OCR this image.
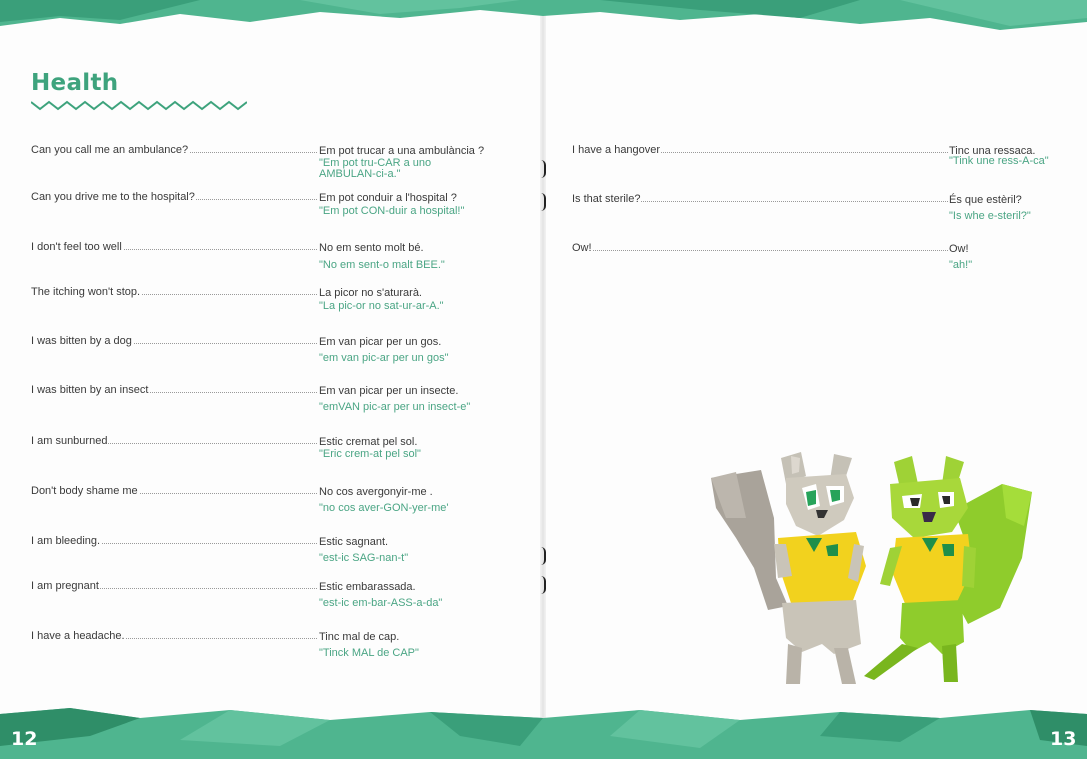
12	13
Health
Can you call me an ambulance?	Em pot trucar a una ambulància ?
"Em pot tru-CAR a uno AMBULAN-ci-a."
Can you drive me to the hospital?	Em pot conduir a l'hospital ?
"Em pot CON-duir a hospital!"
I don't feel too well	No em sento molt bé.
"No em sent-o malt BEE."
The itching won't stop.	La picor no s'aturarà.
"La pic-or no sat-ur-ar-A."
I was bitten by a dog	Em van picar per un gos.
"em van pic-ar per un gos"
I was bitten by an insect	Em van picar per un insecte.
"emVAN pic-ar per un insect-e"
I am sunburned	Estic cremat pel sol.
"Eric crem-at pel sol"
Don't body shame me	No cos avergonyir-me .
"no cos aver-GON-yer-me'
I am bleeding.	Estic sagnant.
"est-ic SAG-nan-t"
I am pregnant	Estic embarassada.
"est-ic em-bar-ASS-a-da"
I have a headache.	Tinc mal de cap.
"Tinck MAL de CAP"
I have a hangover	Tinc una ressaca.
"Tink une ress-A-ca"
Is that sterile?	És que estèril?
"Is whe e-steril?"
Ow!	Ow!
"ah!"
